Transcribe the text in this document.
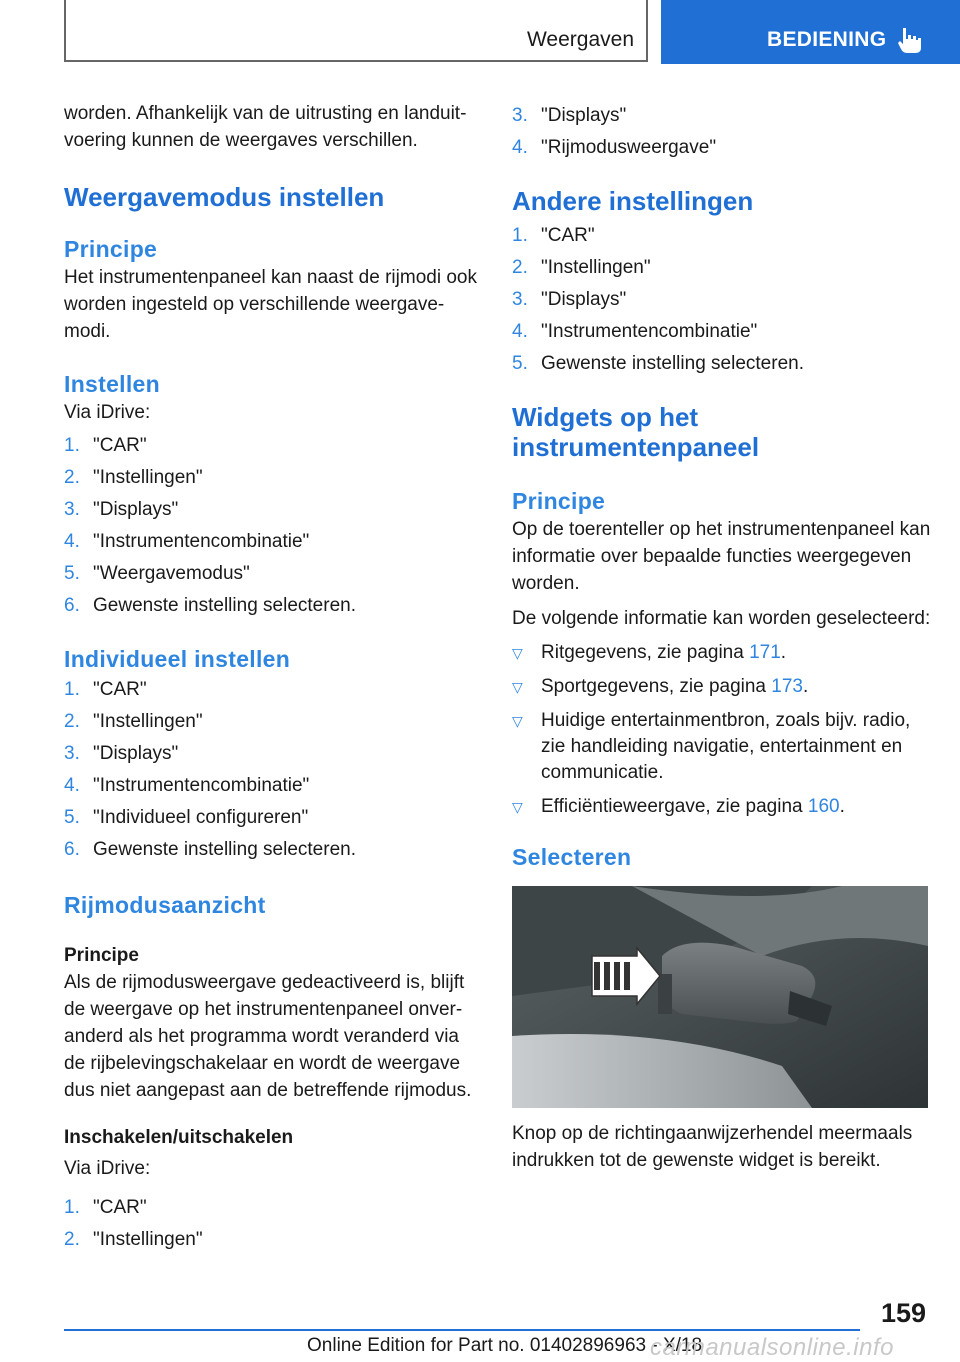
Weergaven	BEDIENING

worden. Afhankelijk van de uitrusting en landuitvoering kunnen de weergaves verschillen.

Weergavemodus instellen
Principe

Het instrumentenpaneel kan naast de rijmodi ook worden ingesteld op verschillende weergavemodi.

Instellen

Via iDrive:

1. "CAR"
2. "Instellingen"
3. "Displays"
4. "Instrumentencombinatie"
5. "Weergavemodus"
6. Gewenste instelling selecteren.
Individueel instellen
1. "CAR"
2. "Instellingen"
3. "Displays"
4. "Instrumentencombinatie"
5. "Individueel configureren"
6. Gewenste instelling selecteren.
Rijmodusaanzicht
Principe

Als de rijmodusweergave gedeactiveerd is, blijft de weergave op het instrumentenpaneel onveranderd als het programma wordt veranderd via de rijbelevingschakelaar en wordt de weergave dus niet aangepast aan de betreffende rijmodus.

Inschakelen/uitschakelen

Via iDrive:

1. "CAR"
2. "Instellingen"
3. "Displays"
4. "Rijmodusweergave"
Andere instellingen
1. "CAR"
2. "Instellingen"
3. "Displays"
4. "Instrumentencombinatie"
5. Gewenste instelling selecteren.
Widgets op het
instrumentenpaneel
Principe

Op de toerenteller op het instrumentenpaneel kan informatie over bepaalde functies weergegeven worden.

De volgende informatie kan worden geselecteerd:

▽ Ritgegevens, zie pagina 171.
▽ Sportgegevens, zie pagina 173.
▽ Huidige entertainmentbron, zoals bijv. radio, zie handleiding navigatie, entertainment en communicatie.
▽ Efficiëntieweergave, zie pagina 160.
Selecteren

Knop op de richtingaanwijzerhendel meermaals indrukken tot de gewenste widget is bereikt.

159
Online Edition for Part no. 01402896963 - X/18
carmanualsonline.info
